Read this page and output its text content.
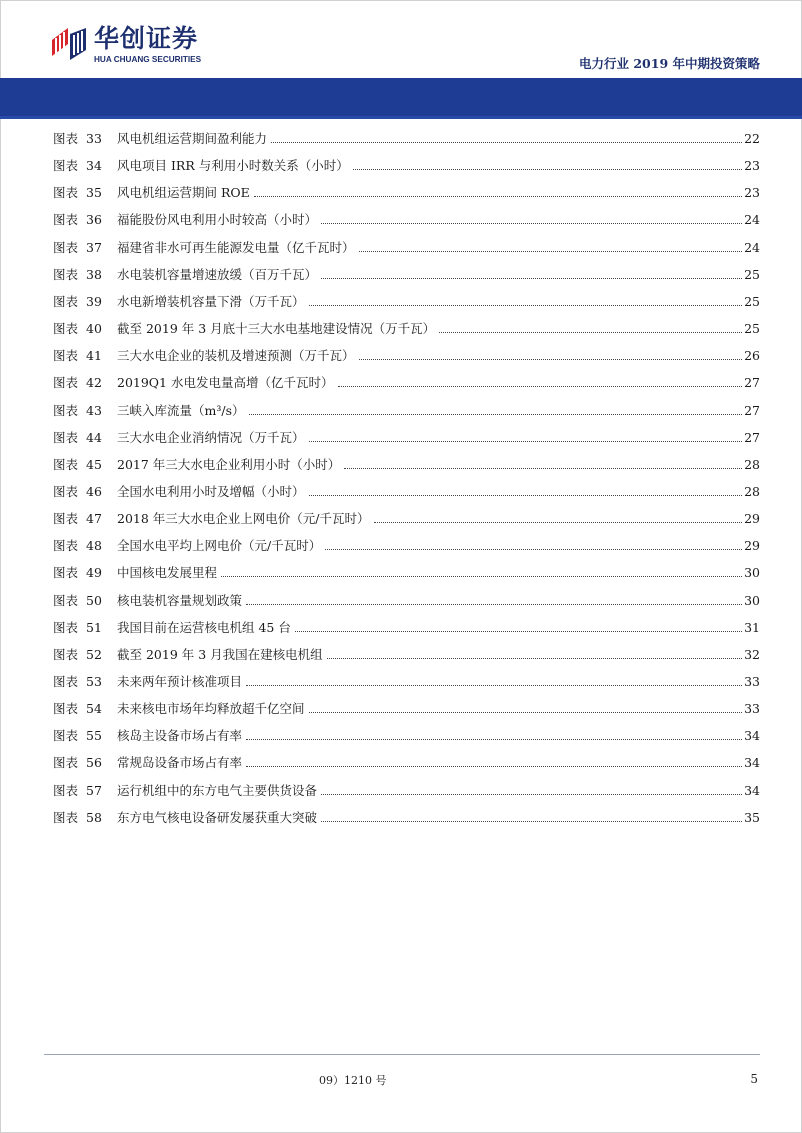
华创证券
HUA CHUANG SECURITIES	电力行业 2019 年中期投资策略
图表 33 风电机组运营期间盈利能力	22
图表 34 风电项目 IRR 与利用小时数关系（小时）	23
图表 35 风电机组运营期间 ROE	23
图表 36 福能股份风电利用小时较高（小时）	24
图表 37 福建省非水可再生能源发电量（亿千瓦时）	24
图表 38 水电装机容量增速放缓（百万千瓦）	25
图表 39 水电新增装机容量下滑（万千瓦）	25
图表 40 截至 2019 年 3 月底十三大水电基地建设情况（万千瓦）	25
图表 41 三大水电企业的装机及增速预测（万千瓦）	26
图表 42 2019Q1 水电发电量高增（亿千瓦时）	27
图表 43 三峡入库流量（m³/s）	27
图表 44 三大水电企业消纳情况（万千瓦）	27
图表 45 2017 年三大水电企业利用小时（小时）	28
图表 46 全国水电利用小时及增幅（小时）	28
图表 47 2018 年三大水电企业上网电价（元/千瓦时）	29
图表 48 全国水电平均上网电价（元/千瓦时）	29
图表 49 中国核电发展里程	30
图表 50 核电装机容量规划政策	30
图表 51 我国目前在运营核电机组 45 台	31
图表 52 截至 2019 年 3 月我国在建核电机组	32
图表 53 未来两年预计核准项目	33
图表 54 未来核电市场年均释放超千亿空间	33
图表 55 核岛主设备市场占有率	34
图表 56 常规岛设备市场占有率	34
图表 57 运行机组中的东方电气主要供货设备	34
图表 58 东方电气核电设备研发屡获重大突破	35
09）1210 号	5
